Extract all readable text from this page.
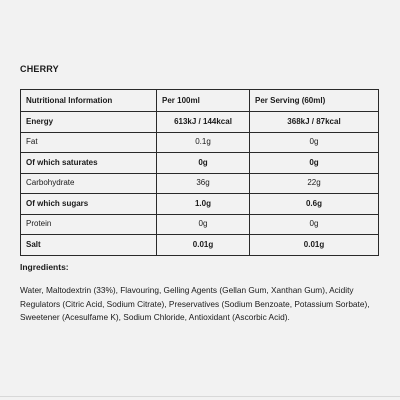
CHERRY
Nutritional Information	Per 100ml	Per Serving (60ml)
Energy	613kJ / 144kcal	368kJ / 87kcal
Fat	0.1g	0g
Of which saturates	0g	0g
Carbohydrate	36g	22g
Of which sugars	1.0g	0.6g
Protein	0g	0g
Salt	0.01g	0.01g
Ingredients:
Water, Maltodextrin (33%), Flavouring, Gelling Agents (Gellan Gum, Xanthan Gum), Acidity Regulators (Citric Acid, Sodium Citrate), Preservatives (Sodium Benzoate, Potassium Sorbate), Sweetener (Acesulfame K), Sodium Chloride, Antioxidant (Ascorbic Acid).
